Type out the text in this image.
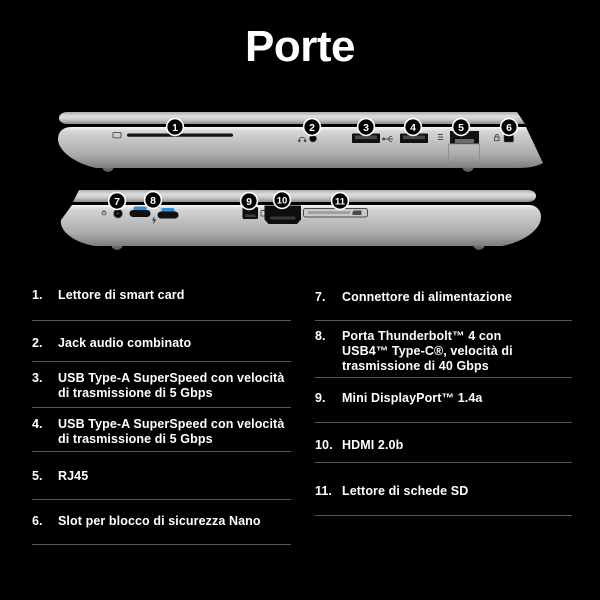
Porte
1	2	3	4	5	6
7	8	9	10	11
1.	Lettore di smart card
2.	Jack audio combinato
3.	USB Type-A SuperSpeed con velocità di trasmissione di 5 Gbps
4.	USB Type-A SuperSpeed con velocità di trasmissione di 5 Gbps
5.	RJ45
6.	Slot per blocco di sicurezza Nano
7.	Connettore di alimentazione
8.	Porta Thunderbolt™ 4 con USB4™ Type-C®, velocità di trasmissione di 40 Gbps
9.	Mini DisplayPort™ 1.4a
10. HDMI 2.0b
11. Lettore di schede SD
